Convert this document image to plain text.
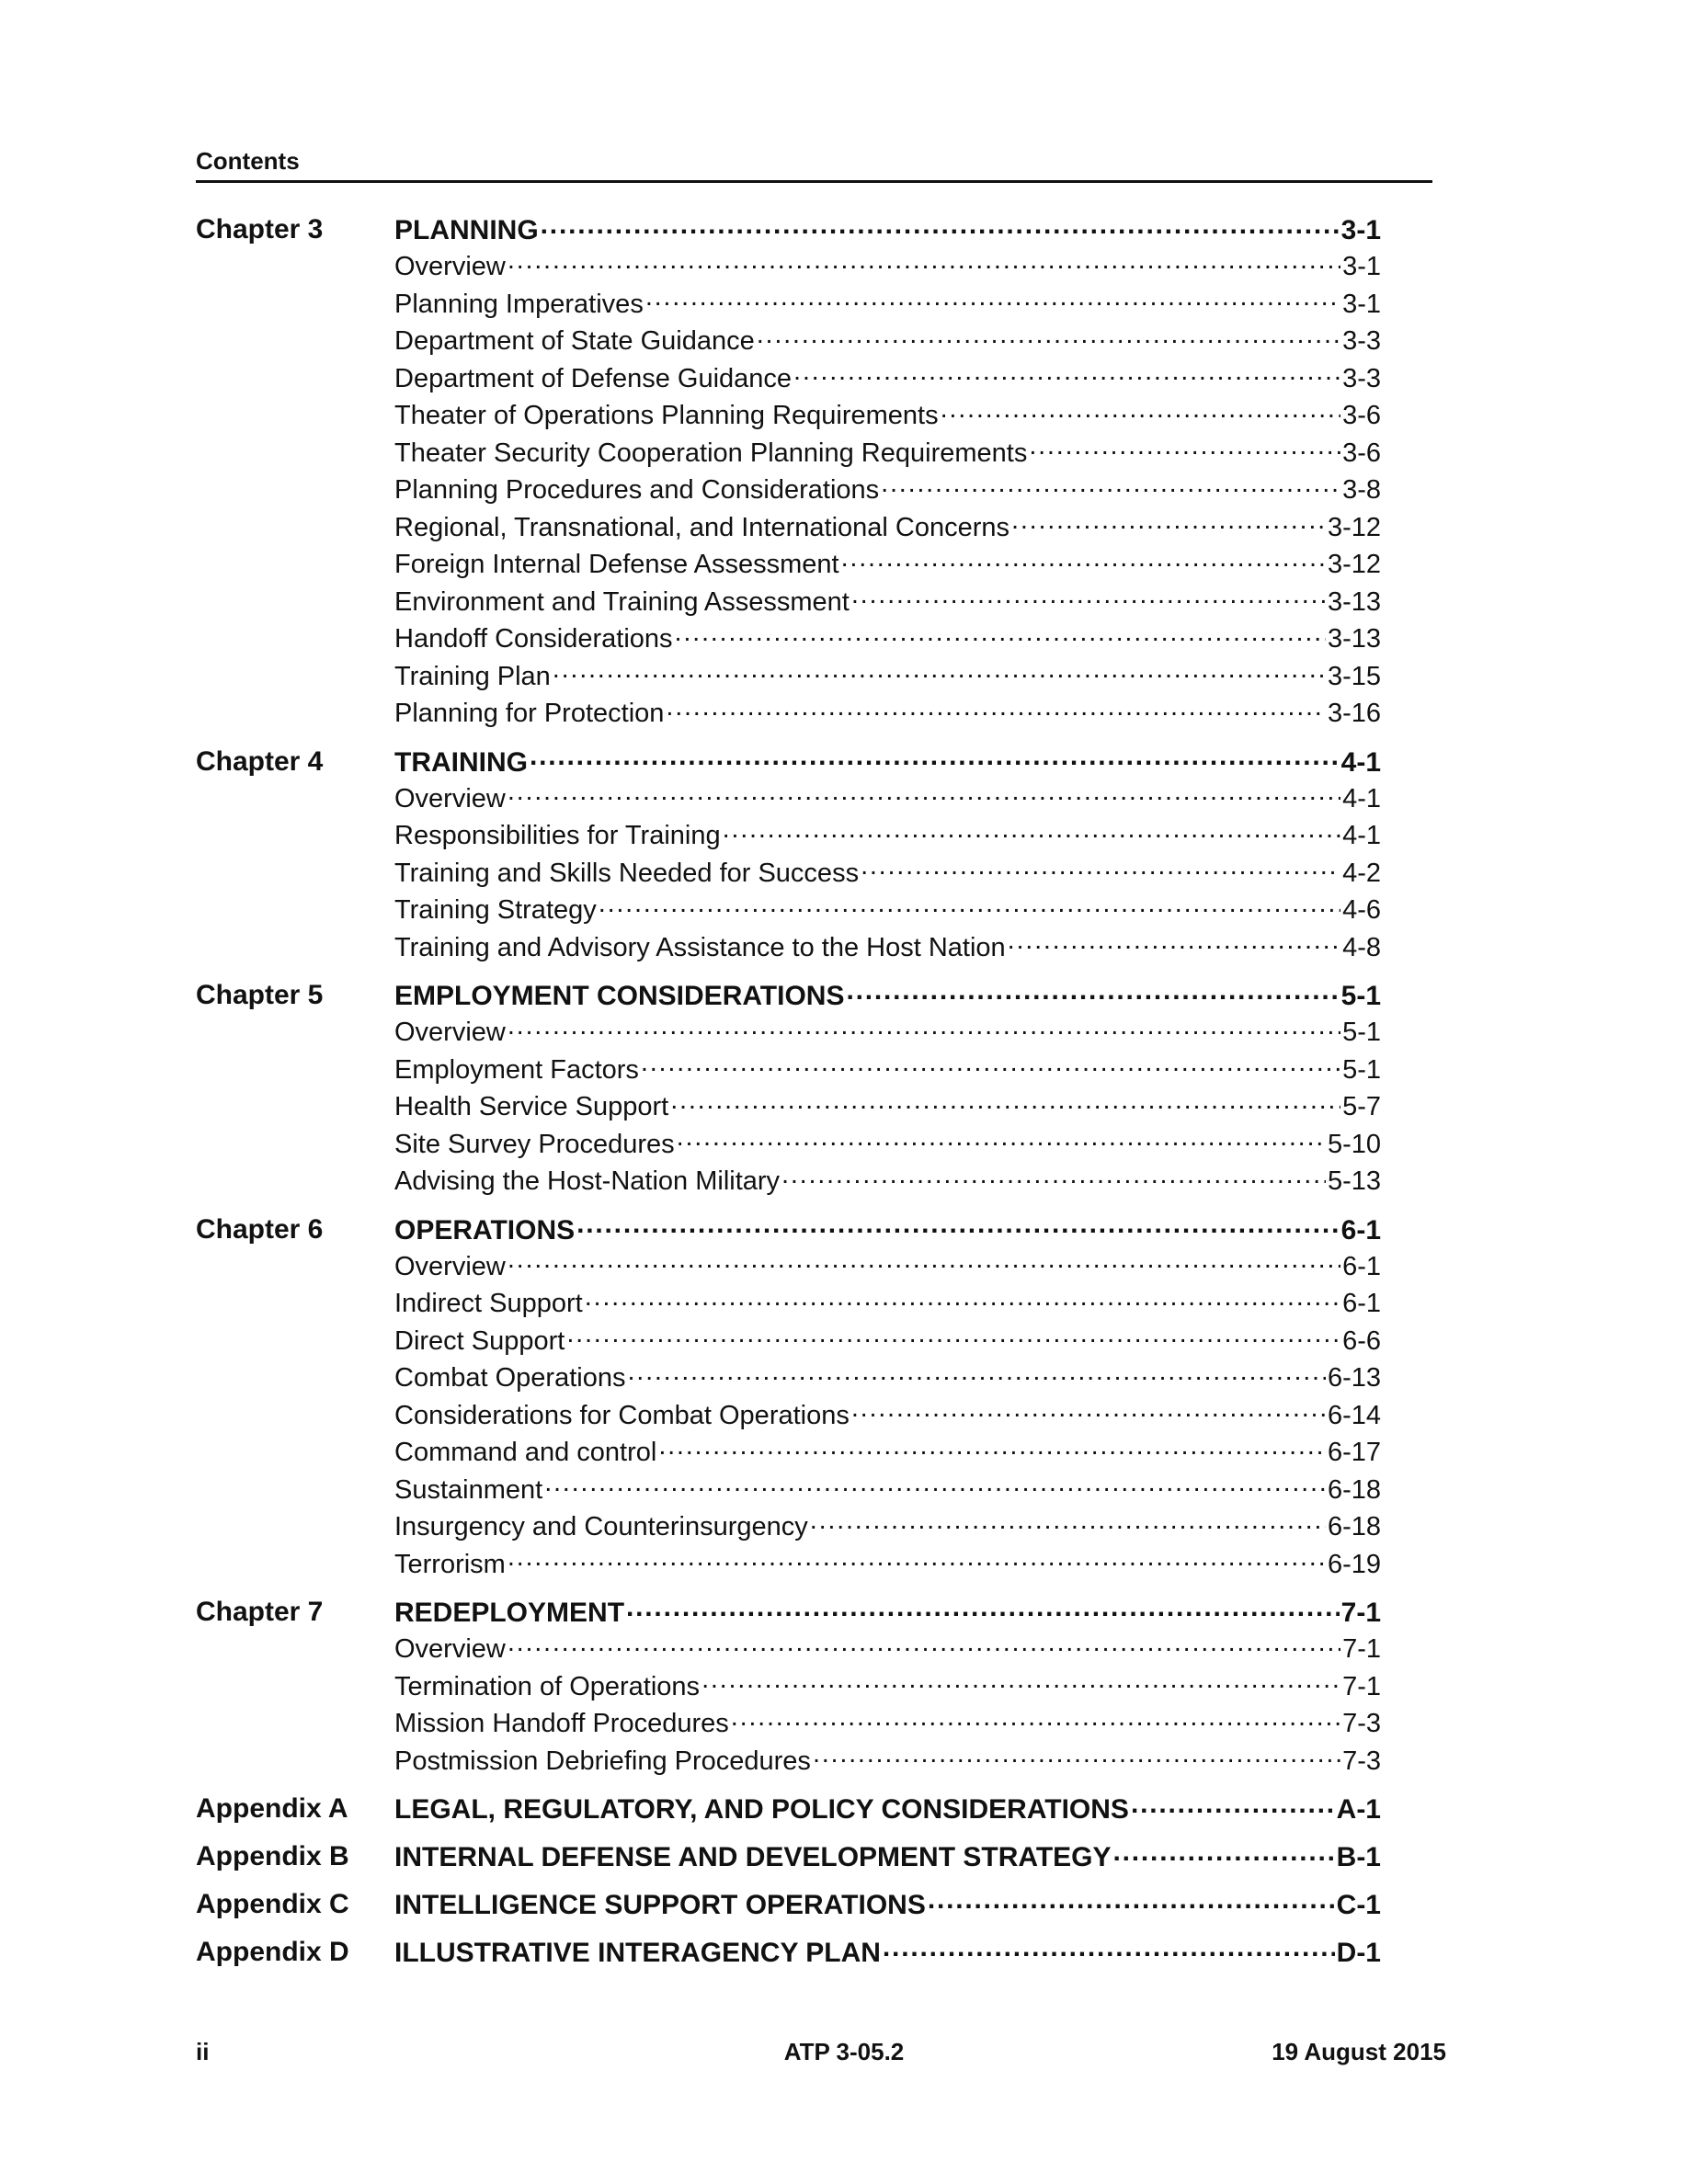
Contents
Chapter 3	PLANNING .....	3-1
Overview .....	3-1
Planning Imperatives .....	3-1
Department of State Guidance .....	3-3
Department of Defense Guidance .....	3-3
Theater of Operations Planning Requirements .....	3-6
Theater Security Cooperation Planning Requirements .....	3-6
Planning Procedures and Considerations .....	3-8
Regional, Transnational, and International Concerns .....	3-12
Foreign Internal Defense Assessment .....	3-12
Environment and Training Assessment .....	3-13
Handoff Considerations .....	3-13
Training Plan .....	3-15
Planning for Protection .....	3-16
Chapter 4	TRAINING .....	4-1
Overview .....	4-1
Responsibilities for Training .....	4-1
Training and Skills Needed for Success .....	4-2
Training Strategy .....	4-6
Training and Advisory Assistance to the Host Nation .....	4-8
Chapter 5	EMPLOYMENT CONSIDERATIONS .....	5-1
Overview .....	5-1
Employment Factors .....	5-1
Health Service Support .....	5-7
Site Survey Procedures .....	5-10
Advising the Host-Nation Military .....	5-13
Chapter 6	OPERATIONS .....	6-1
Overview .....	6-1
Indirect Support .....	6-1
Direct Support .....	6-6
Combat Operations .....	6-13
Considerations for Combat Operations .....	6-14
Command and control .....	6-17
Sustainment .....	6-18
Insurgency and Counterinsurgency .....	6-18
Terrorism .....	6-19
Chapter 7	REDEPLOYMENT .....	7-1
Overview .....	7-1
Termination of Operations .....	7-1
Mission Handoff Procedures .....	7-3
Postmission Debriefing Procedures .....	7-3
Appendix A	LEGAL, REGULATORY, AND POLICY CONSIDERATIONS .....	A-1
Appendix B	INTERNAL DEFENSE AND DEVELOPMENT STRATEGY .....	B-1
Appendix C	INTELLIGENCE SUPPORT OPERATIONS .....	C-1
Appendix D	ILLUSTRATIVE INTERAGENCY PLAN .....	D-1
ii	ATP 3-05.2	19 August 2015
